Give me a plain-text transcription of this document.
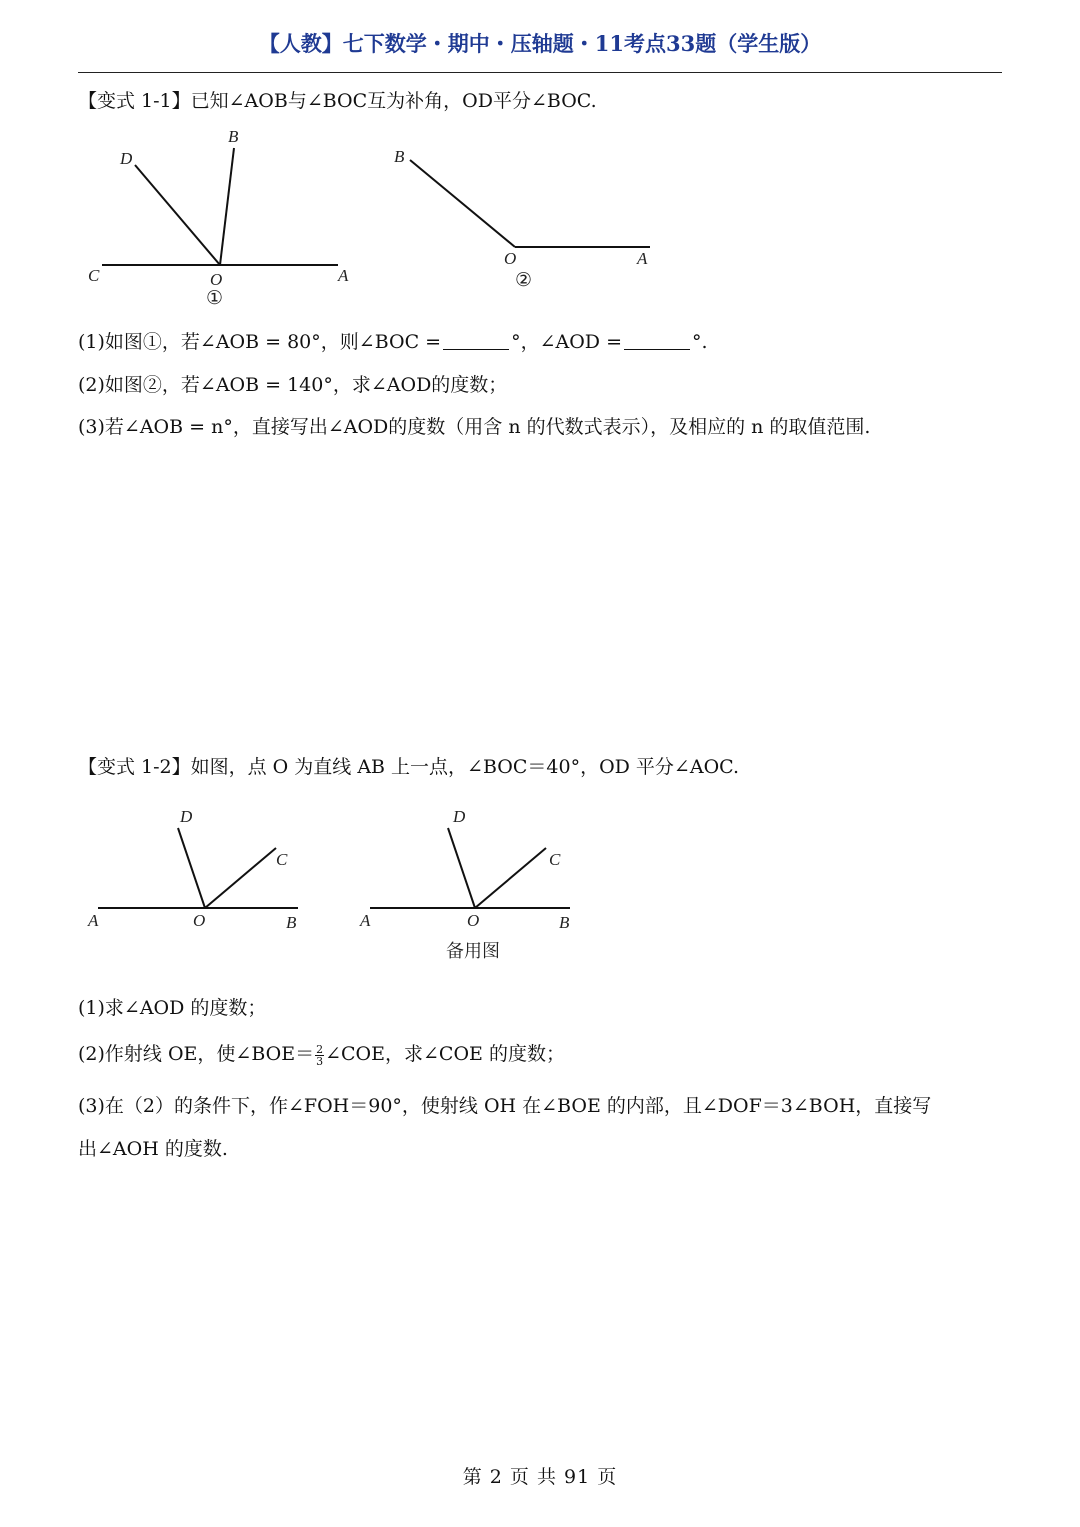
【人教】七下数学・期中・压轴题・11考点33题（学生版）
【变式 1-1】已知∠AOB与∠BOC互为补角，OD平分∠BOC.
B
D
C	O	A
①
B
O	A
②
(1)如图①，若∠AOB = 80°，则∠BOC =	°，∠AOD =	°.
(2)如图②，若∠AOB = 140°，求∠AOD的度数；
(3)若∠AOB = n°，直接写出∠AOD的度数（用含 n 的代数式表示），及相应的 n 的取值范围.
【变式 1-2】如图，点 O 为直线 AB 上一点，∠BOC＝40°，OD 平分∠AOC.
D
C
A	O	B
D
C
A	O	B
备用图
(1)求∠AOD 的度数；
(2)作射线 OE，使∠BOE＝ $\frac{2}{3}$ ∠COE，求∠COE 的度数；
(3)在（2）的条件下，作∠FOH＝90°，使射线 OH 在∠BOE 的内部，且∠DOF＝3∠BOH，直接写
出∠AOH 的度数.
第 2 页 共 91 页
